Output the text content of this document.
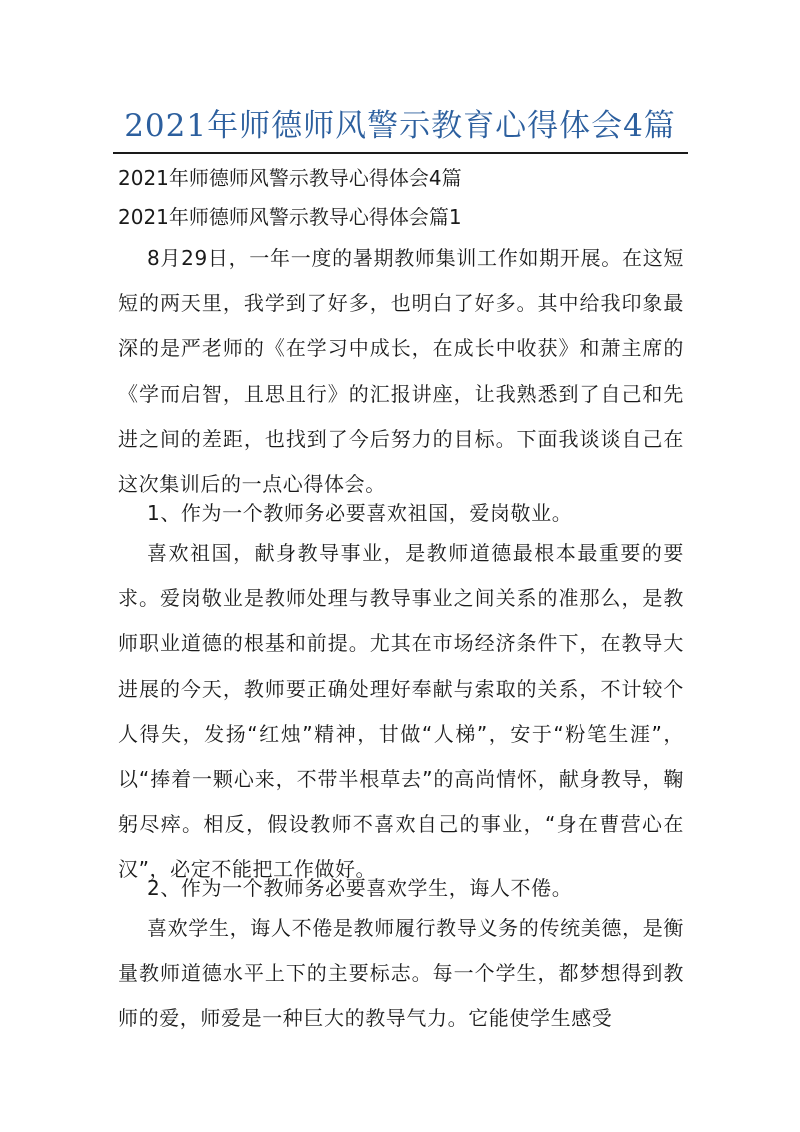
2021年师德师风警示教育心得体会4篇

2021年师德师风警示教导心得体会4篇

2021年师德师风警示教导心得体会篇1

8月29日，一年一度的暑期教师集训工作如期开展。在这短短的两天里，我学到了好多，也明白了好多。其中给我印象最深的是严老师的《在学习中成长，在成长中收获》和萧主席的《学而启智，且思且行》的汇报讲座，让我熟悉到了自己和先进之间的差距，也找到了今后努力的目标。下面我谈谈自己在这次集训后的一点心得体会。

1、作为一个教师务必要喜欢祖国，爱岗敬业。

喜欢祖国，献身教导事业，是教师道德最根本最重要的要求。爱岗敬业是教师处理与教导事业之间关系的准那么，是教师职业道德的根基和前提。尤其在市场经济条件下，在教导大进展的今天，教师要正确处理好奉献与索取的关系，不计较个人得失，发扬“红烛”精神，甘做“人梯”，安于“粉笔生涯”，以“捧着一颗心来，不带半根草去”的高尚情怀，献身教导，鞠躬尽瘁。相反，假设教师不喜欢自己的事业，“身在曹营心在汉”，必定不能把工作做好。

2、作为一个教师务必要喜欢学生，诲人不倦。

喜欢学生，诲人不倦是教师履行教导义务的传统美德，是衡量教师道德水平上下的主要标志。每一个学生，都梦想得到教师的爱，师爱是一种巨大的教导气力。它能使学生感受
